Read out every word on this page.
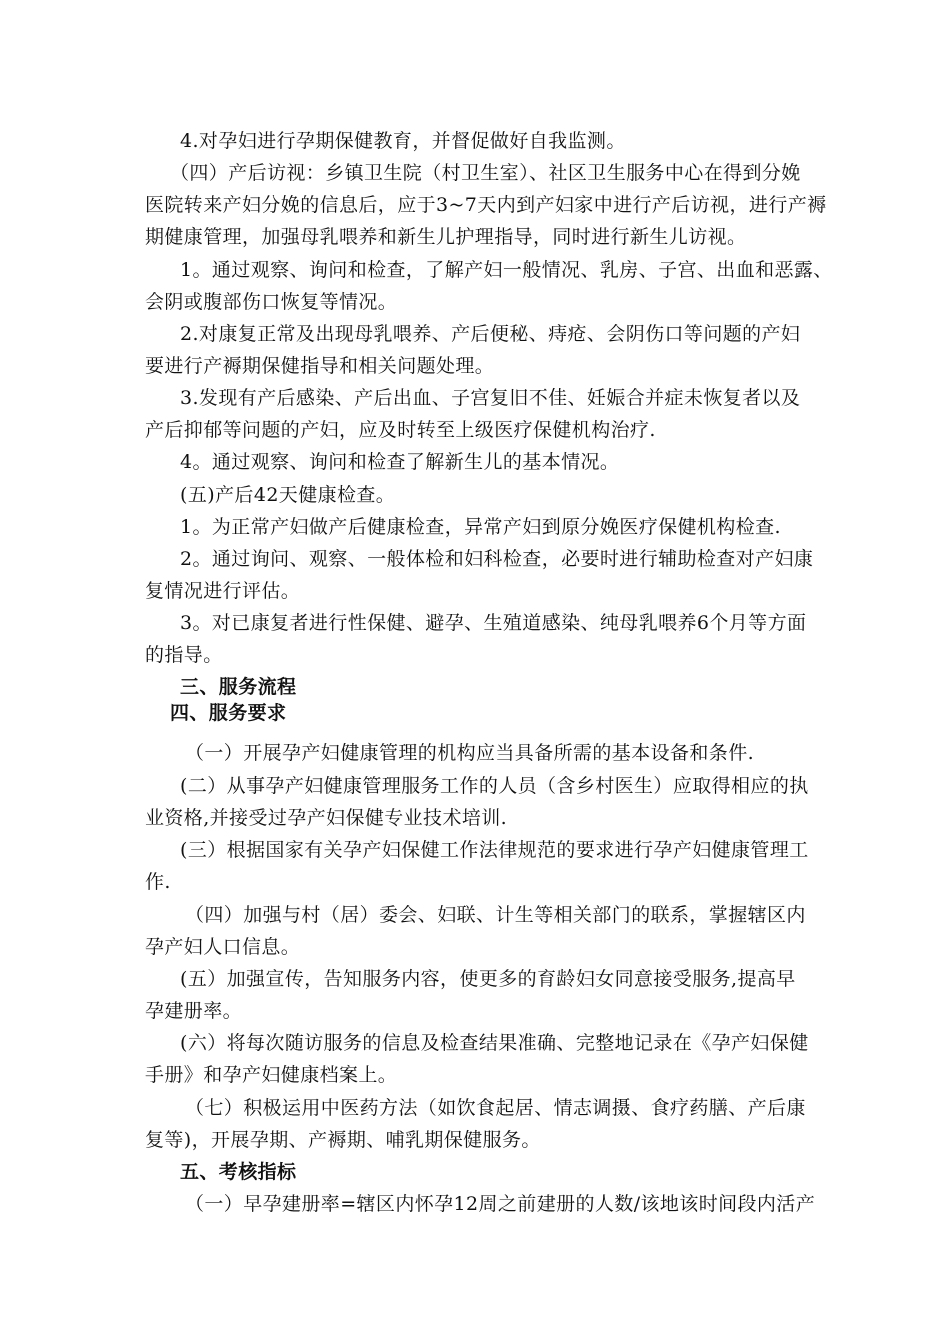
4.对孕妇进行孕期保健教育，并督促做好自我监测。
（四）产后访视：乡镇卫生院（村卫生室）、社区卫生服务中心在得到分娩
医院转来产妇分娩的信息后，应于3~7天内到产妇家中进行产后访视，进行产褥
期健康管理，加强母乳喂养和新生儿护理指导，同时进行新生儿访视。
1。通过观察、询问和检查，了解产妇一般情况、乳房、子宫、出血和恶露、
会阴或腹部伤口恢复等情况。
2.对康复正常及出现母乳喂养、产后便秘、痔疮、会阴伤口等问题的产妇
要进行产褥期保健指导和相关问题处理。
3.发现有产后感染、产后出血、子宫复旧不佳、妊娠合并症未恢复者以及
产后抑郁等问题的产妇，应及时转至上级医疗保健机构治疗.
4。通过观察、询问和检查了解新生儿的基本情况。
(五)产后42天健康检查。
1。为正常产妇做产后健康检查，异常产妇到原分娩医疗保健机构检查.
2。通过询问、观察、一般体检和妇科检查，必要时进行辅助检查对产妇康
复情况进行评估。
3。对已康复者进行性保健、避孕、生殖道感染、纯母乳喂养6个月等方面
的指导。
三、服务流程
四、服务要求
（一）开展孕产妇健康管理的机构应当具备所需的基本设备和条件.
(二）从事孕产妇健康管理服务工作的人员（含乡村医生）应取得相应的执
业资格,并接受过孕产妇保健专业技术培训.
(三）根据国家有关孕产妇保健工作法律规范的要求进行孕产妇健康管理工
作.
（四）加强与村（居）委会、妇联、计生等相关部门的联系，掌握辖区内
孕产妇人口信息。
(五）加强宣传，告知服务内容，使更多的育龄妇女同意接受服务,提高早
孕建册率。
(六）将每次随访服务的信息及检查结果准确、完整地记录在《孕产妇保健
手册》和孕产妇健康档案上。
（七）积极运用中医药方法（如饮食起居、情志调摄、食疗药膳、产后康
复等)，开展孕期、产褥期、哺乳期保健服务。
五、考核指标
（一）早孕建册率=辖区内怀孕12周之前建册的人数/该地该时间段内活产
